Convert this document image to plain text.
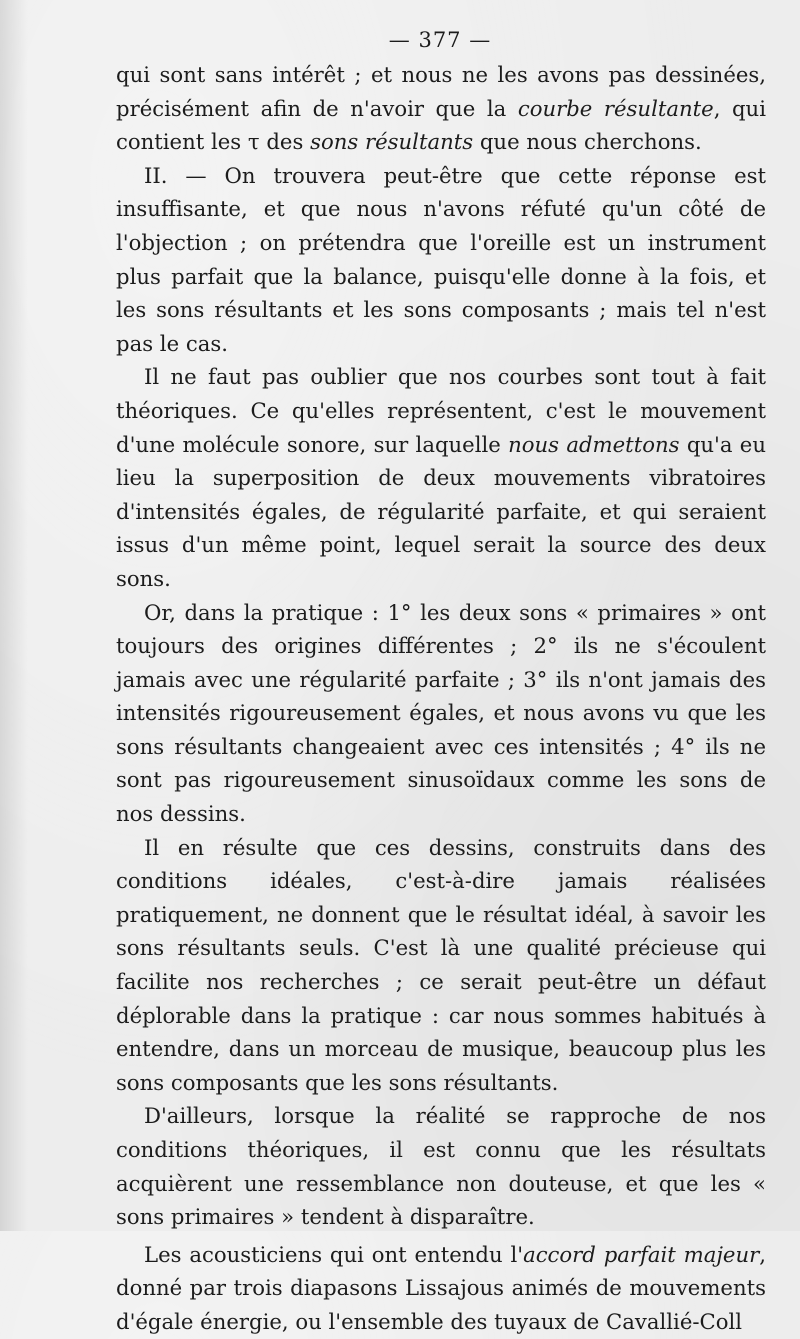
— 377 —

qui sont sans intérêt ; et nous ne les avons pas dessinées, précisément afin de n'avoir que la courbe résultante, qui contient les τ des sons résultants que nous cherchons.

II. — On trouvera peut-être que cette réponse est insuffisante, et que nous n'avons réfuté qu'un côté de l'objection ; on prétendra que l'oreille est un instrument plus parfait que la balance, puisqu'elle donne à la fois, et les sons résultants et les sons composants ; mais tel n'est pas le cas.

Il ne faut pas oublier que nos courbes sont tout à fait théoriques. Ce qu'elles représentent, c'est le mouvement d'une molécule sonore, sur laquelle nous admettons qu'a eu lieu la superposition de deux mouvements vibratoires d'intensités égales, de régularité parfaite, et qui seraient issus d'un même point, lequel serait la source des deux sons.

Or, dans la pratique : 1° les deux sons « primaires » ont toujours des origines différentes ; 2° ils ne s'écoulent jamais avec une régularité parfaite ; 3° ils n'ont jamais des intensités rigoureusement égales, et nous avons vu que les sons résultants changeaient avec ces intensités ; 4° ils ne sont pas rigoureusement sinusoïdaux comme les sons de nos dessins.

Il en résulte que ces dessins, construits dans des conditions idéales, c'est-à-dire jamais réalisées pratiquement, ne donnent que le résultat idéal, à savoir les sons résultants seuls. C'est là une qualité précieuse qui facilite nos recherches ; ce serait peut-être un défaut déplorable dans la pratique : car nous sommes habitués à entendre, dans un morceau de musique, beaucoup plus les sons composants que les sons résultants.

D'ailleurs, lorsque la réalité se rapproche de nos conditions théoriques, il est connu que les résultats acquièrent une ressemblance non douteuse, et que les « sons primaires » tendent à disparaître.

Les acousticiens qui ont entendu l'accord parfait majeur, donné par trois diapasons Lissajous animés de mouvements d'égale énergie, ou l'ensemble des tuyaux de Cavallié-Coll
